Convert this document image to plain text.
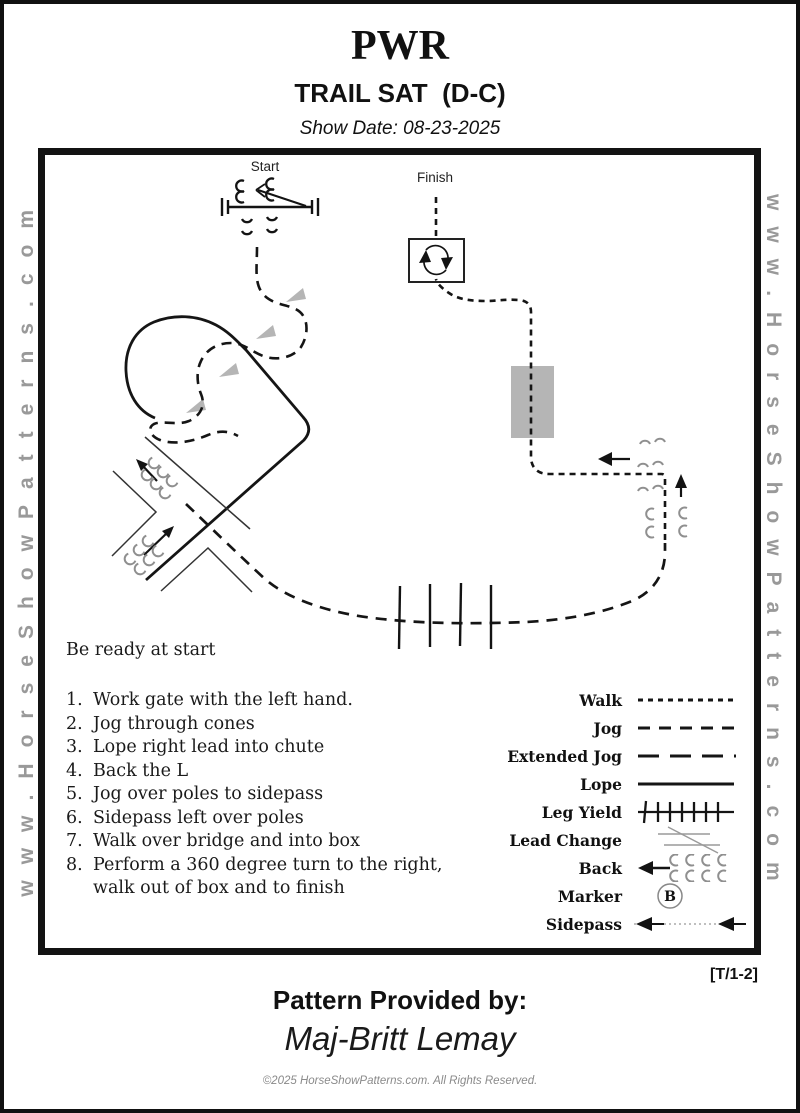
PWR
TRAIL SAT  (D-C)
Show Date: 08-23-2025
www.HorseShowPatterns.com	www.HorseShowPatterns.com
Start
Finish
Be ready at start
1. Work gate with the left hand.
2. Jog through cones
3. Lope right lead into chute
4. Back the L
5. Jog over poles to sidepass
6. Sidepass left over poles
7. Walk over bridge and into box
8. Perform a 360 degree turn to the right, walk out of box and to finish
Walk
Jog
Extended Jog
Lope
Leg Yield
Lead Change
Back
Marker	B
Sidepass
[T/1-2]
Pattern Provided by:
Maj-Britt Lemay
©2025 HorseShowPatterns.com. All Rights Reserved.
